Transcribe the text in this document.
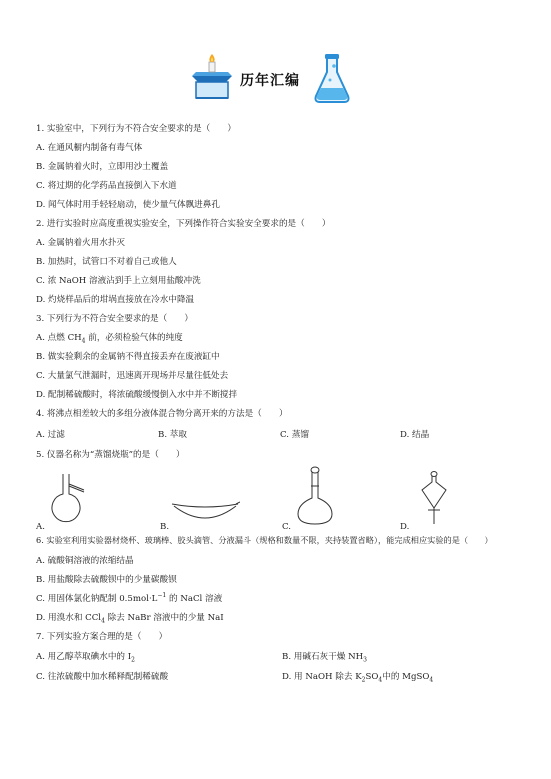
历年汇编
1. 实验室中，下列行为不符合安全要求的是（　　）
A. 在通风橱内制备有毒气体
B. 金属钠着火时，立即用沙土覆盖
C. 将过期的化学药品直接倒入下水道
D. 闻气体时用手轻轻扇动，使少量气体飘进鼻孔
2. 进行实验时应高度重视实验安全，下列操作符合实验安全要求的是（　　）
A. 金属钠着火用水扑灭
B. 加热时，试管口不对着自己或他人
C. 浓 NaOH 溶液沾到手上立刻用盐酸冲洗
D. 灼烧样品后的坩埚直接放在冷水中降温
3. 下列行为不符合安全要求的是（　　）
A. 点燃 $CH_4$ 前，必须检验气体的纯度
B. 做实验剩余的金属钠不得直接丢弃在废液缸中
C. 大量氯气泄漏时，迅速离开现场并尽量往低处去
D. 配制稀硫酸时，将浓硫酸缓慢倒入水中并不断搅拌
4. 将沸点相差较大的多组分液体混合物分离开来的方法是（　　）
A. 过滤	B. 萃取	C. 蒸馏	D. 结晶
5. 仪器名称为“蒸馏烧瓶”的是（　　）
A.	B.	C.	D.
6. 实验室利用实验器材烧杯、玻璃棒、胶头滴管、分液漏斗（规格和数量不限，夹持装置省略），能完成相应实验的是（　　）
A. 硫酸铜溶液的浓缩结晶
B. 用盐酸除去硫酸钡中的少量碳酸钡
C. 用固体氯化钠配制 $0.5mol\cdot L^{-1}$ 的 NaCl 溶液
D. 用溴水和 CCl$_4$ 除去 NaBr 溶液中的少量 NaI
7. 下列实验方案合理的是（　　）
A. 用乙醇萃取碘水中的 $I_2$	B. 用碱石灰干燥 $NH_3$
C. 往浓硫酸中加水稀释配制稀硫酸	D. 用 NaOH 除去 $K_2SO_4$中的 MgSO$_4$
